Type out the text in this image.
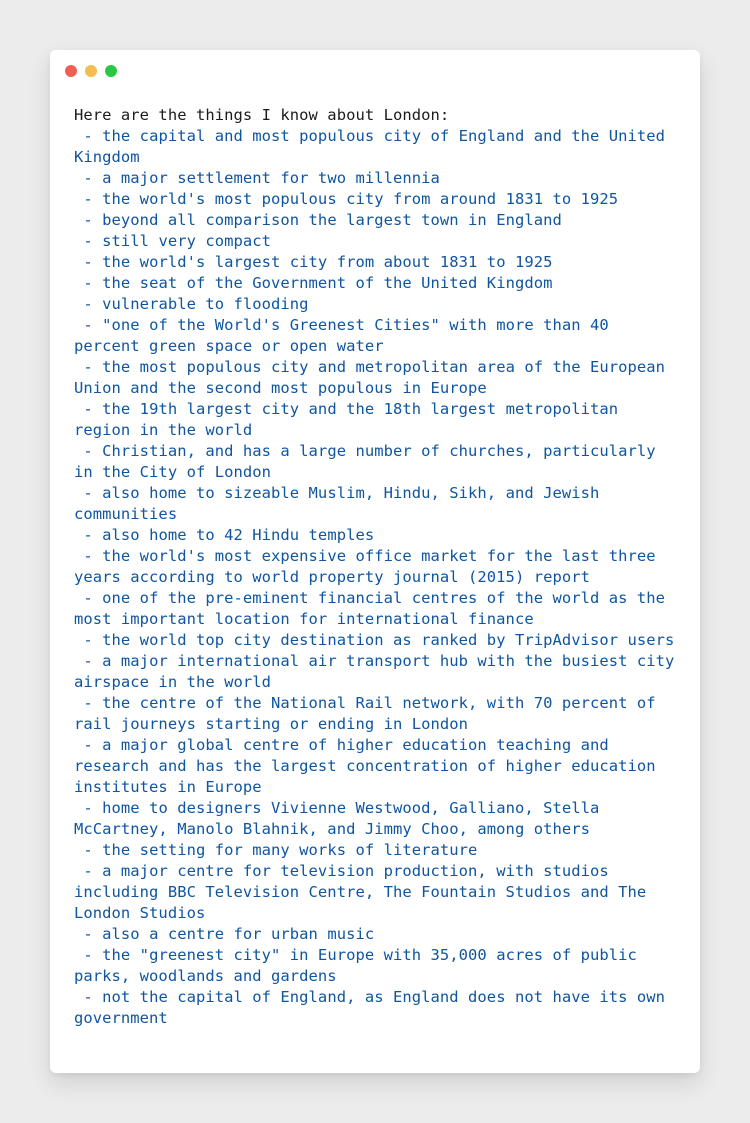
Here are the things I know about London:

- the capital and most populous city of England and the United Kingdom

- a major settlement for two millennia

- the world's most populous city from around 1831 to 1925

- beyond all comparison the largest town in England

- still very compact

- the world's largest city from about 1831 to 1925

- the seat of the Government of the United Kingdom

- vulnerable to flooding

- "one of the World's Greenest Cities" with more than 40 percent green space or open water

- the most populous city and metropolitan area of the European Union and the second most populous in Europe

- the 19th largest city and the 18th largest metropolitan region in the world

- Christian, and has a large number of churches, particularly in the City of London

- also home to sizeable Muslim, Hindu, Sikh, and Jewish communities

- also home to 42 Hindu temples

- the world's most expensive office market for the last three years according to world property journal (2015) report

- one of the pre-eminent financial centres of the world as the most important location for international finance

- the world top city destination as ranked by TripAdvisor users

- a major international air transport hub with the busiest city airspace in the world

- the centre of the National Rail network, with 70 percent of rail journeys starting or ending in London

- a major global centre of higher education teaching and research and has the largest concentration of higher education institutes in Europe

- home to designers Vivienne Westwood, Galliano, Stella McCartney, Manolo Blahnik, and Jimmy Choo, among others

- the setting for many works of literature

- a major centre for television production, with studios including BBC Television Centre, The Fountain Studios and The London Studios

- also a centre for urban music

- the "greenest city" in Europe with 35,000 acres of public parks, woodlands and gardens

- not the capital of England, as England does not have its own government
